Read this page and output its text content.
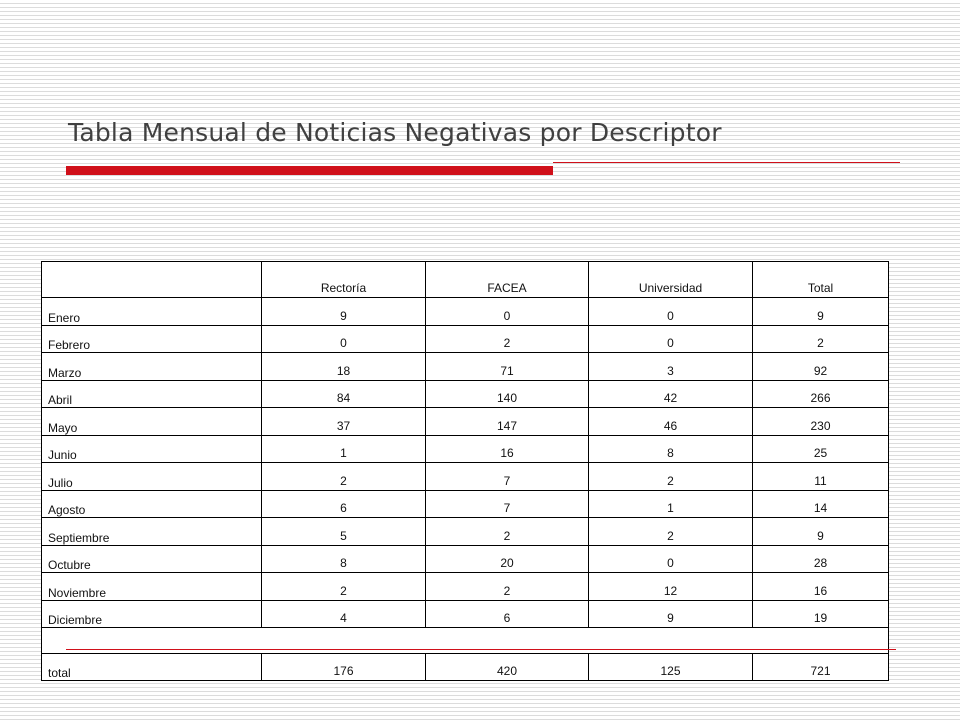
Tabla Mensual de Noticias Negativas por Descriptor
	Rectoría	FACEA	Universidad	Total
Enero	9	0	0	9
Febrero	0	2	0	2
Marzo	18	71	3	92
Abril	84	140	42	266
Mayo	37	147	46	230
Junio	1	16	8	25
Julio	2	7	2	11
Agosto	6	7	1	14
Septiembre	5	2	2	9
Octubre	8	20	0	28
Noviembre	2	2	12	16
Diciembre	4	6	9	19

total	176	420	125	721
